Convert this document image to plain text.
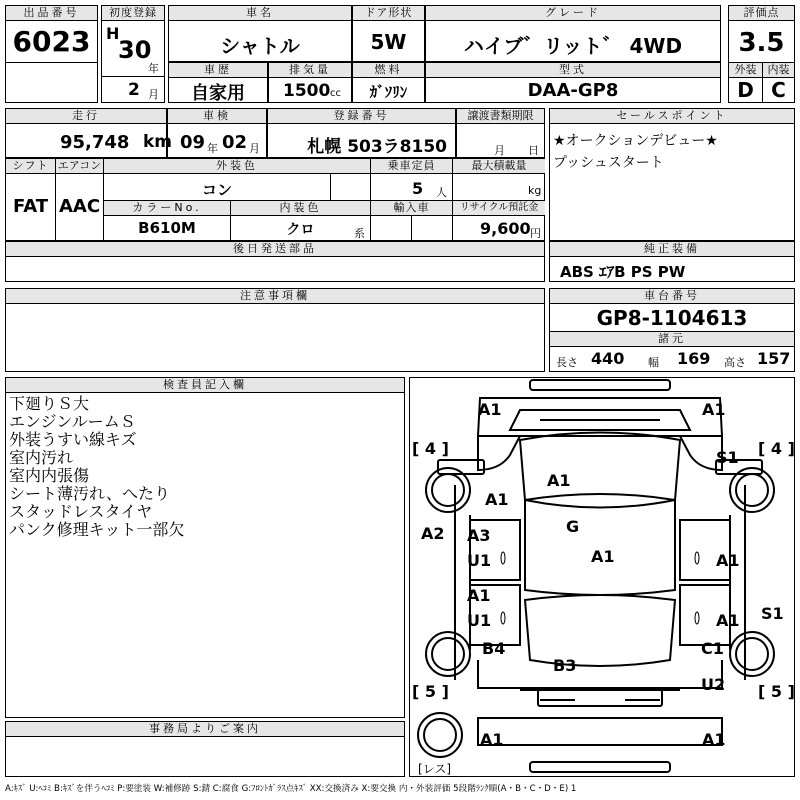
出品番号
6023
初度登録
H
30
年
2 月
車名
シャトル
ドア形状
5W
グレード
ハイブ゛リット゛ 4WD
車歴
自家用
排気量
1500 cc
燃料
ｶﾞｿﾘﾝ
型式
DAA-GP8
評価点
3.5
外装	内装
D C
走行
95,748 km
車検
09 年 02 月
登録番号
札幌 503ラ8150
譲渡書類期限
月 日
セールスポイント
★オークションデビュー★
プッシュスタート
シフト
FAT
エアコン
AAC
外装色
コン
乗車定員
5 人
最大積載量
kg
カラーNo.
B610M
内装色
クロ	系
輸入車	リサイクル預託金
9,600 円
後日発送部品	純正装備
ABS ｴｱB PS PW
注意事項欄	車台番号
GP8-1104613
諸元
長さ 440 幅 169 高さ 157
検査員記入欄
下廻りＳ大
エンジンルームＳ
外装うすい線キズ
室内汚れ
室内内張傷
シート薄汚れ、へたり
スタッドレスタイヤ
パンク修理キット一部欠
事務局よりご案内
[ 4 ]	[ 4 ]
[ 5 ]	[ 5 ]
[レス]
A1	A1
S1
A1
A1
A2 A3
U1
G
A1	A1
A1
U1	A1 S1
B4
B3
C1
U2
A1	A1
A:ｷｽﾞ U:ﾍｺﾐ B:ｷｽﾞを伴うﾍｺﾐ P:要塗装 W:補修跡 S:錆 C:腐食 G:ﾌﾛﾝﾄｶﾞﾗｽ点ｷｽﾞ XX:交換済み X:要交換 内・外装評価 5段階ﾗﾝｸ順(A・B・C・D・E) 1
